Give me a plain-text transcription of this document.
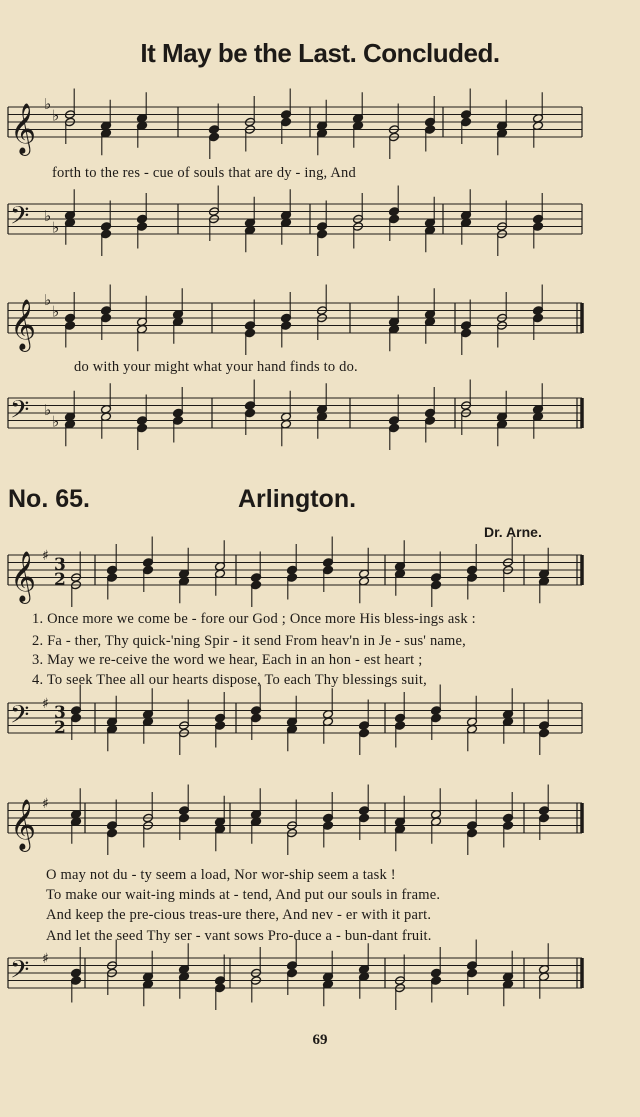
It May be the Last. Concluded.
𝄞 ♭
♭
𝄢 ♭
♭
𝄞 ♭
♭
𝄢 ♭
♭
𝄞 ♯ 3
2
𝄢 ♯ 3
2
𝄞 ♯
𝄢 ♯
forth to the res - cue of souls that are dy - ing, And
do with your might what your hand finds to do.
No. 65.	Arlington.
Dr. Arne.
1. Once more we come be - fore our God ; Once more His bless-ings ask :
2. Fa - ther, Thy quick-'ning Spir - it send From heav'n in Je - sus' name,
3. May we re-ceive the word we hear, Each in an hon - est heart ;
4. To seek Thee all our hearts dispose, To each Thy blessings suit,
O may not du - ty seem a load, Nor wor-ship seem a task !
To make our wait-ing minds at - tend, And put our souls in frame.
And keep the pre-cious treas-ure there, And nev - er with it part.
And let the seed Thy ser - vant sows Pro-duce a - bun-dant fruit.
69
